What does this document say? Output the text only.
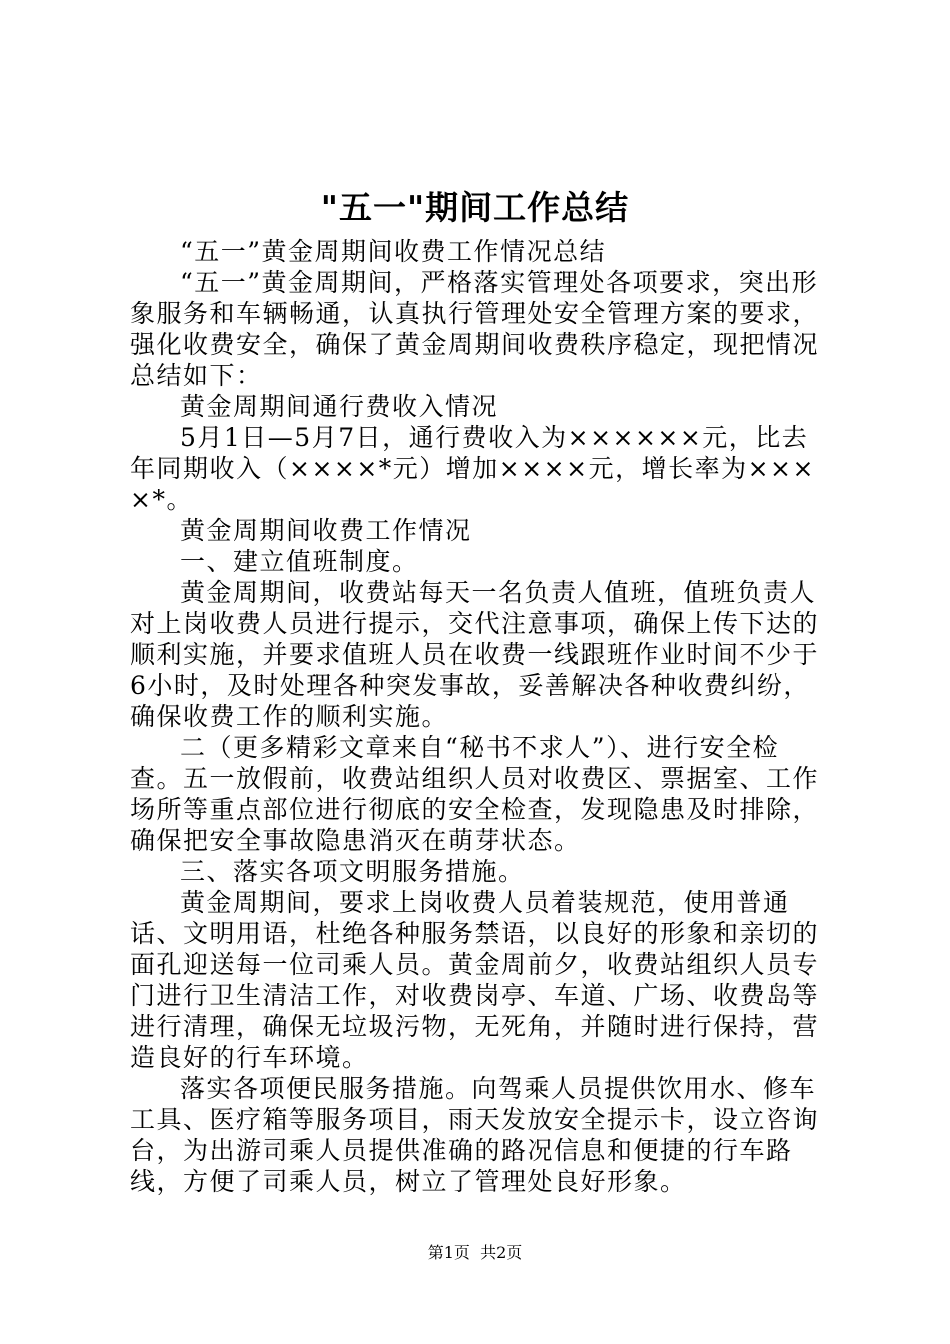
"五一"期间工作总结

“五一”黄金周期间收费工作情况总结

“五一”黄金周期间，严格落实管理处各项要求，突出形象服务和车辆畅通，认真执行管理处安全管理方案的要求，强化收费安全，确保了黄金周期间收费秩序稳定，现把情况总结如下：

黄金周期间通行费收入情况

5月1日—5月7日，通行费收入为××××××元，比去年同期收入（××××*元）增加××××元，增长率为××××*。

黄金周期间收费工作情况

一、建立值班制度。

黄金周期间，收费站每天一名负责人值班，值班负责人对上岗收费人员进行提示，交代注意事项，确保上传下达的顺利实施，并要求值班人员在收费一线跟班作业时间不少于6小时，及时处理各种突发事故，妥善解决各种收费纠纷，确保收费工作的顺利实施。

二（更多精彩文章来自“秘书不求人”）、进行安全检查。五一放假前，收费站组织人员对收费区、票据室、工作场所等重点部位进行彻底的安全检查，发现隐患及时排除，确保把安全事故隐患消灭在萌芽状态。

三、落实各项文明服务措施。

黄金周期间，要求上岗收费人员着装规范，使用普通话、文明用语，杜绝各种服务禁语，以良好的形象和亲切的面孔迎送每一位司乘人员。黄金周前夕，收费站组织人员专门进行卫生清洁工作，对收费岗亭、车道、广场、收费岛等进行清理，确保无垃圾污物，无死角，并随时进行保持，营造良好的行车环境。

落实各项便民服务措施。向驾乘人员提供饮用水、修车工具、医疗箱等服务项目，雨天发放安全提示卡，设立咨询台，为出游司乘人员提供准确的路况信息和便捷的行车路线，方便了司乘人员，树立了管理处良好形象。

第1页 共2页
